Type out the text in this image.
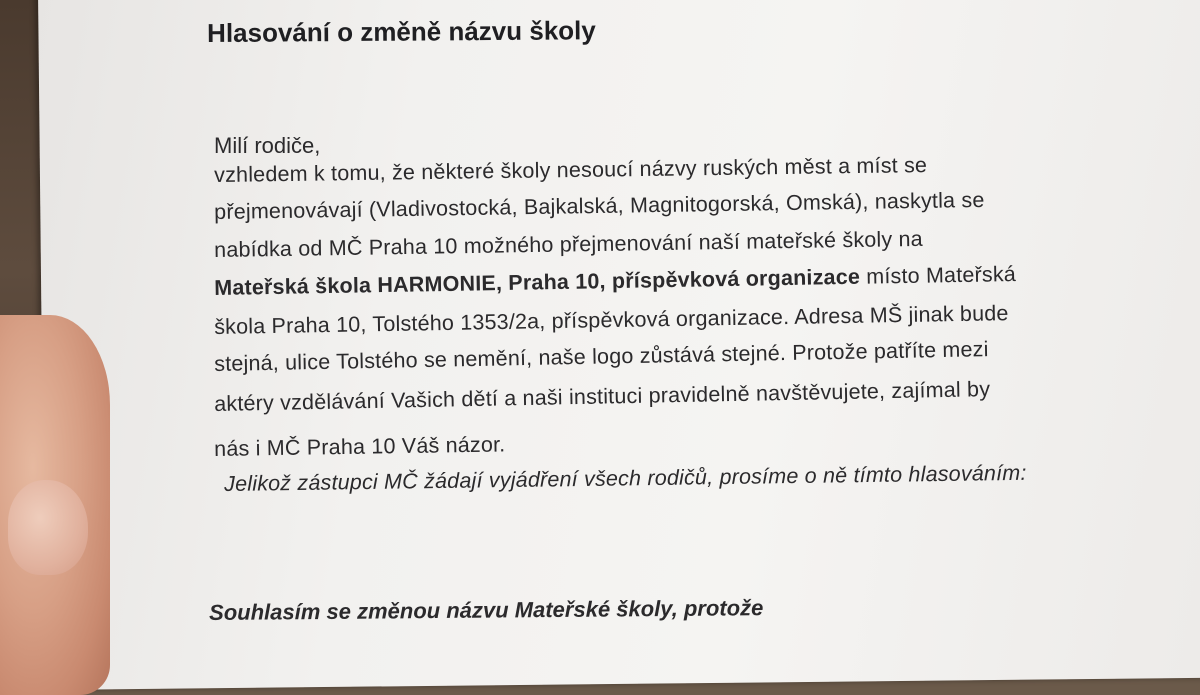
Hlasování o změně názvu školy
Milí rodiče,
vzhledem k tomu, že některé školy nesoucí názvy ruských měst a míst se
přejmenovávají (Vladivostocká, Bajkalská, Magnitogorská, Omská), naskytla se
nabídka od MČ Praha 10 možného přejmenování naší mateřské školy na
Mateřská škola HARMONIE, Praha 10, příspěvková organizace místo Mateřská
škola Praha 10, Tolstého 1353/2a, příspěvková organizace. Adresa MŠ jinak bude
stejná, ulice Tolstého se nemění, naše logo zůstává stejné. Protože patříte mezi
aktéry vzdělávání Vašich dětí a naši instituci pravidelně navštěvujete, zajímal by
nás i MČ Praha 10 Váš názor.
Jelikož zástupci MČ žádají vyjádření všech rodičů, prosíme o ně tímto hlasováním:
Souhlasím se změnou názvu Mateřské školy, protože
